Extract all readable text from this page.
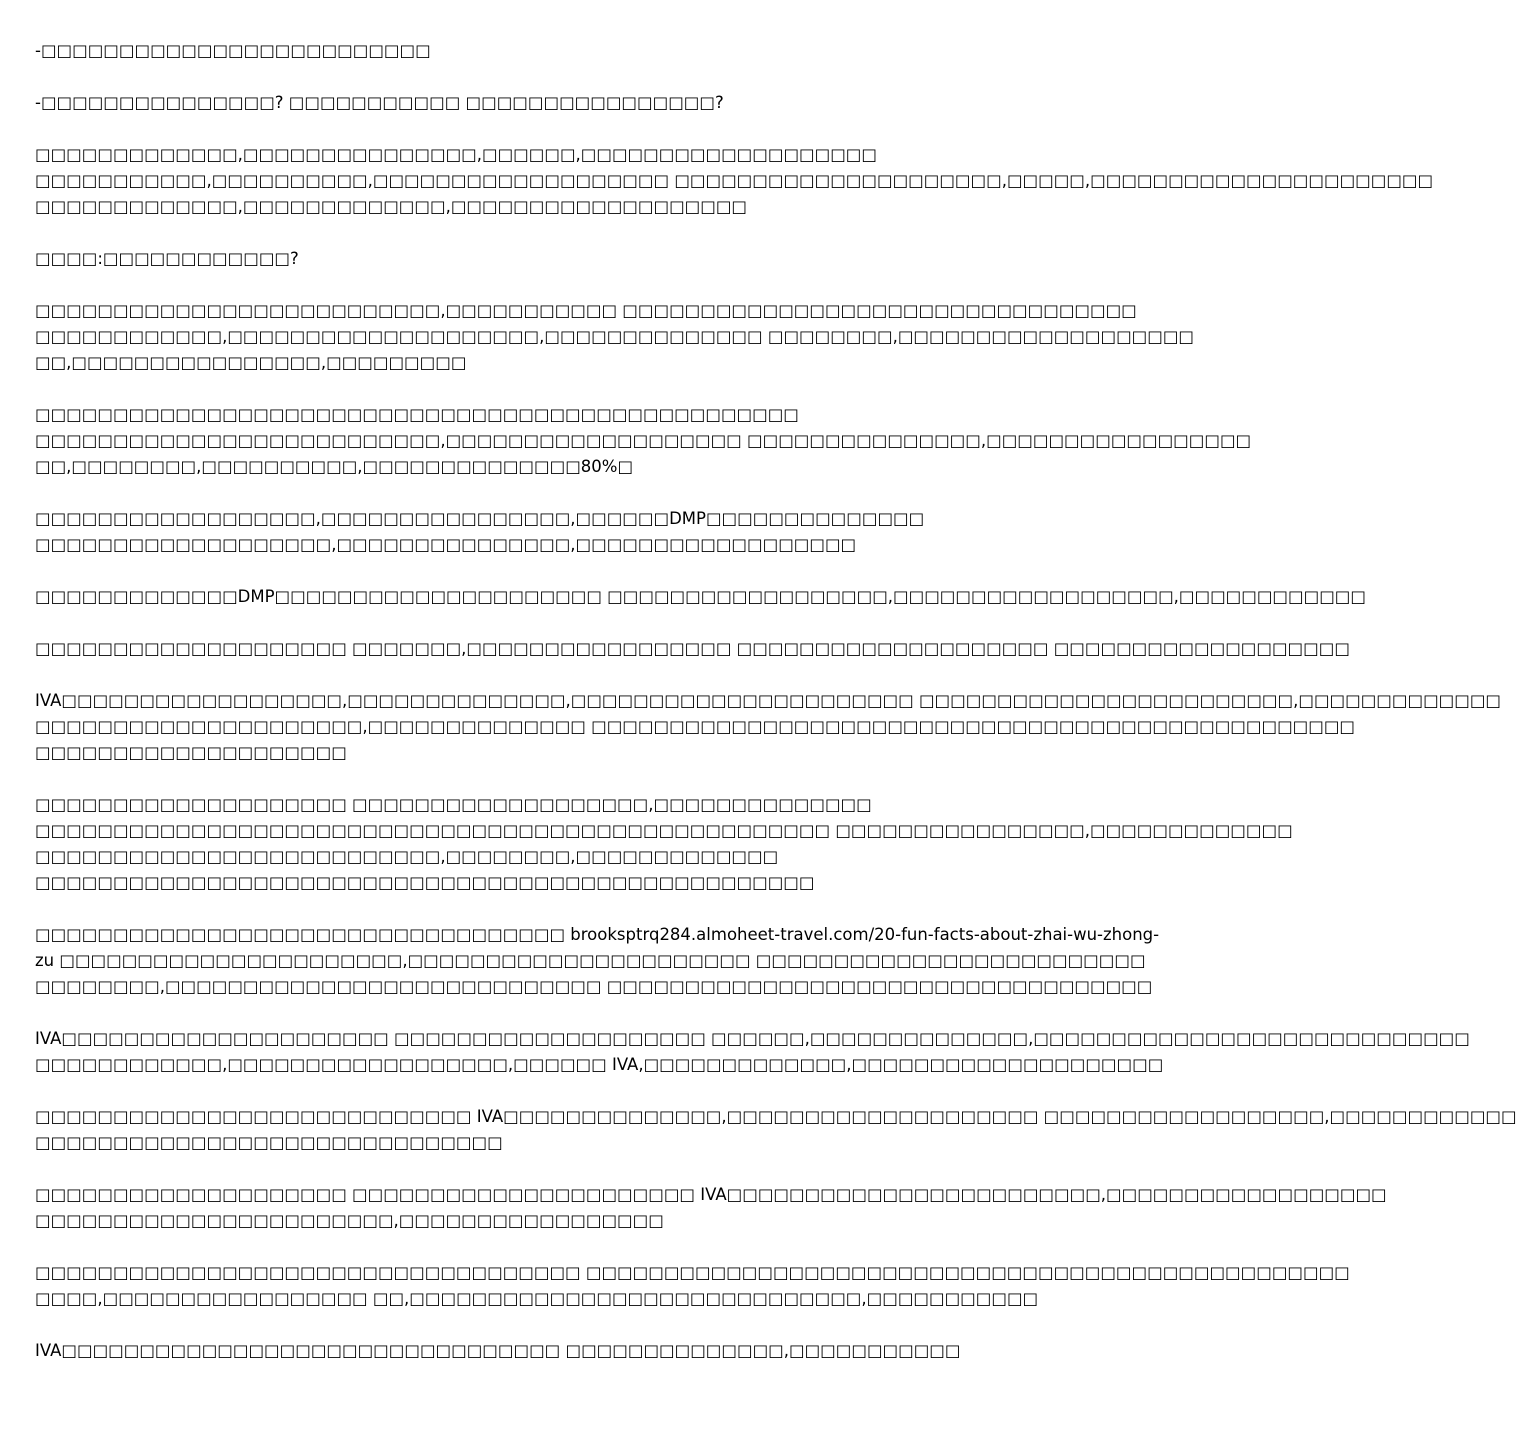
-□□□□□□□□□□□□□□□□□□□□□□□□□
-□□□□□□□□□□□□□□□? □□□□□□□□□□□ □□□□□□□□□□□□□□□□?
□□□□□□□□□□□□□,□□□□□□□□□□□□□□□,□□□□□□,□□□□□□□□□□□□□□□□□□□
□□□□□□□□□□□,□□□□□□□□□□,□□□□□□□□□□□□□□□□□□□ □□□□□□□□□□□□□□□□□□□□□,□□□□□,□□□□□□□□□□□□□□□□□□□□□□
□□□□□□□□□□□□□,□□□□□□□□□□□□□,□□□□□□□□□□□□□□□□□□□
□□□□:□□□□□□□□□□□□?
□□□□□□□□□□□□□□□□□□□□□□□□□□,□□□□□□□□□□□ □□□□□□□□□□□□□□□□□□□□□□□□□□□□□□□□□
□□□□□□□□□□□□,□□□□□□□□□□□□□□□□□□□□,□□□□□□□□□□□□□□ □□□□□□□□,□□□□□□□□□□□□□□□□□□□
□□,□□□□□□□□□□□□□□□□,□□□□□□□□□
□□□□□□□□□□□□□□□□□□□□□□□□□□□□□□□□□□□□□□□□□□□□□□□□□
□□□□□□□□□□□□□□□□□□□□□□□□□□,□□□□□□□□□□□□□□□□□□□ □□□□□□□□□□□□□□□,□□□□□□□□□□□□□□□□□
□□,□□□□□□□□,□□□□□□□□□□,□□□□□□□□□□□□□□80%□
□□□□□□□□□□□□□□□□□□,□□□□□□□□□□□□□□□□,□□□□□□DMP□□□□□□□□□□□□□□
□□□□□□□□□□□□□□□□□□□,□□□□□□□□□□□□□□□,□□□□□□□□□□□□□□□□□□
□□□□□□□□□□□□□DMP□□□□□□□□□□□□□□□□□□□□□ □□□□□□□□□□□□□□□□□□,□□□□□□□□□□□□□□□□□□,□□□□□□□□□□□□
□□□□□□□□□□□□□□□□□□□□ □□□□□□□,□□□□□□□□□□□□□□□□□ □□□□□□□□□□□□□□□□□□□□ □□□□□□□□□□□□□□□□□□□
IVA□□□□□□□□□□□□□□□□□□,□□□□□□□□□□□□□□,□□□□□□□□□□□□□□□□□□□□□□ □□□□□□□□□□□□□□□□□□□□□□□□,□□□□□□□□□□□□□
□□□□□□□□□□□□□□□□□□□□□,□□□□□□□□□□□□□□ □□□□□□□□□□□□□□□□□□□□□□□□□□□□□□□□□□□□□□□□□□□□□□□□□
□□□□□□□□□□□□□□□□□□□□
□□□□□□□□□□□□□□□□□□□□ □□□□□□□□□□□□□□□□□□□,□□□□□□□□□□□□□□
□□□□□□□□□□□□□□□□□□□□□□□□□□□□□□□□□□□□□□□□□□□□□□□□□□□ □□□□□□□□□□□□□□□□,□□□□□□□□□□□□□
□□□□□□□□□□□□□□□□□□□□□□□□□□,□□□□□□□□,□□□□□□□□□□□□□
□□□□□□□□□□□□□□□□□□□□□□□□□□□□□□□□□□□□□□□□□□□□□□□□□□
□□□□□□□□□□□□□□□□□□□□□□□□□□□□□□□□□□ brooksptrq284.almoheet-travel.com/20-fun-facts-about-zhai-wu-zhong-
zu □□□□□□□□□□□□□□□□□□□□□□,□□□□□□□□□□□□□□□□□□□□□□ □□□□□□□□□□□□□□□□□□□□□□□□□
□□□□□□□□,□□□□□□□□□□□□□□□□□□□□□□□□□□□□ □□□□□□□□□□□□□□□□□□□□□□□□□□□□□□□□□□□
IVA□□□□□□□□□□□□□□□□□□□□□ □□□□□□□□□□□□□□□□□□□□ □□□□□□,□□□□□□□□□□□□□□,□□□□□□□□□□□□□□□□□□□□□□□□□□□□
□□□□□□□□□□□□,□□□□□□□□□□□□□□□□□□,□□□□□□ IVA,□□□□□□□□□□□□□,□□□□□□□□□□□□□□□□□□□□
□□□□□□□□□□□□□□□□□□□□□□□□□□□□ IVA□□□□□□□□□□□□□□,□□□□□□□□□□□□□□□□□□□□ □□□□□□□□□□□□□□□□□□,□□□□□□□□□□□□
□□□□□□□□□□□□□□□□□□□□□□□□□□□□□□
□□□□□□□□□□□□□□□□□□□□ □□□□□□□□□□□□□□□□□□□□□□ IVA□□□□□□□□□□□□□□□□□□□□□□□□,□□□□□□□□□□□□□□□□□□
□□□□□□□□□□□□□□□□□□□□□□□,□□□□□□□□□□□□□□□□□
□□□□□□□□□□□□□□□□□□□□□□□□□□□□□□□□□□□ □□□□□□□□□□□□□□□□□□□□□□□□□□□□□□□□□□□□□□□□□□□□□□□□□
□□□□,□□□□□□□□□□□□□□□□□ □□,□□□□□□□□□□□□□□□□□□□□□□□□□□□□□,□□□□□□□□□□□
IVA□□□□□□□□□□□□□□□□□□□□□□□□□□□□□□□□ □□□□□□□□□□□□□□,□□□□□□□□□□□
